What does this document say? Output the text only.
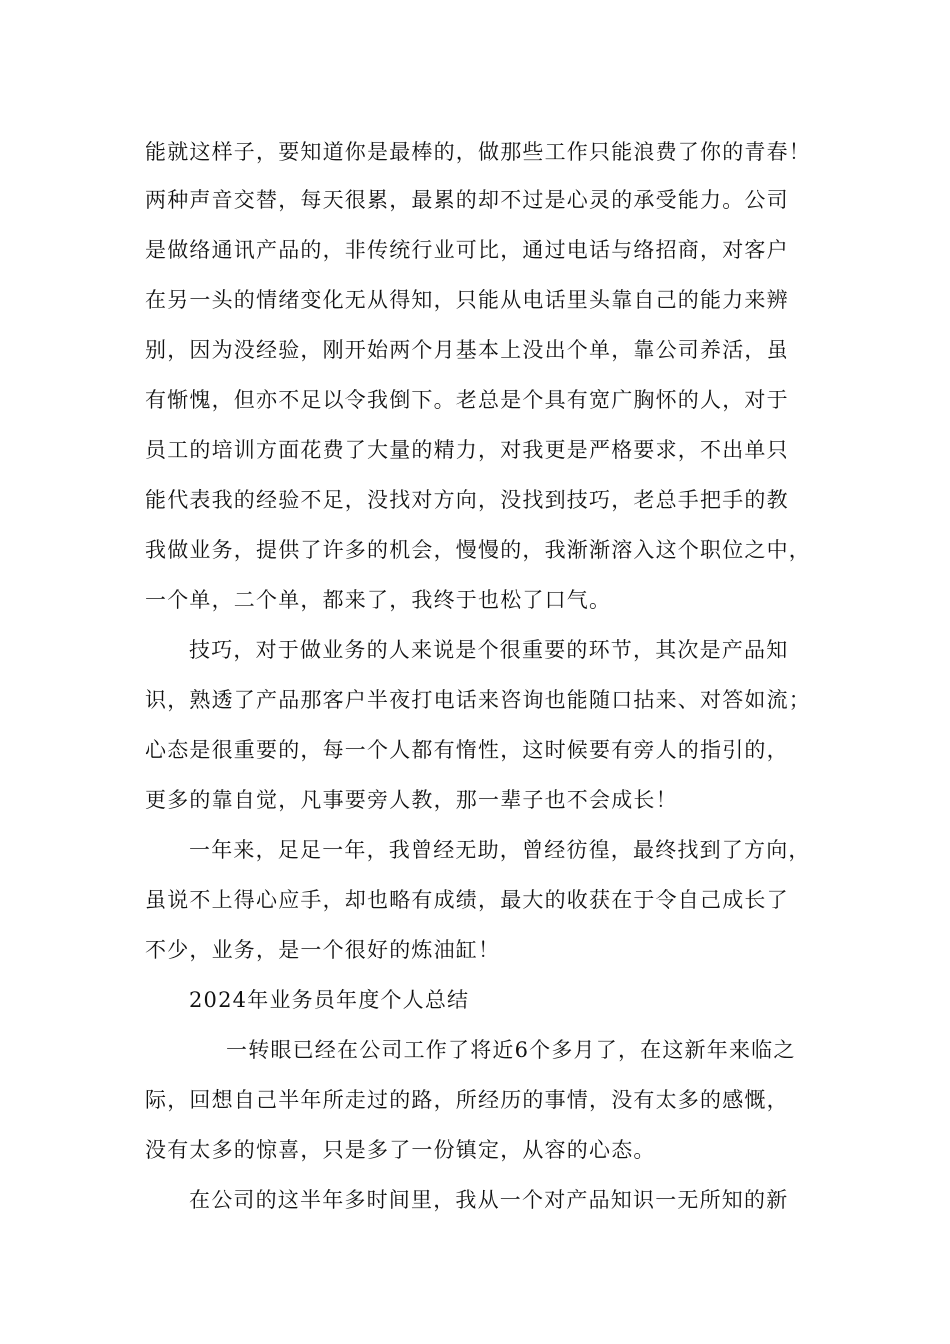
能就这样子，要知道你是最棒的，做那些工作只能浪费了你的青春！
两种声音交替，每天很累，最累的却不过是心灵的承受能力。公司
是做络通讯产品的，非传统行业可比，通过电话与络招商，对客户
在另一头的情绪变化无从得知，只能从电话里头靠自己的能力来辨
别，因为没经验，刚开始两个月基本上没出个单，靠公司养活，虽
有惭愧，但亦不足以令我倒下。老总是个具有宽广胸怀的人，对于
员工的培训方面花费了大量的精力，对我更是严格要求，不出单只
能代表我的经验不足，没找对方向，没找到技巧，老总手把手的教
我做业务，提供了许多的机会，慢慢的，我渐渐溶入这个职位之中，
一个单，二个单，都来了，我终于也松了口气。
技巧，对于做业务的人来说是个很重要的环节，其次是产品知
识，熟透了产品那客户半夜打电话来咨询也能随口拈来、对答如流；
心态是很重要的，每一个人都有惰性，这时候要有旁人的指引的，
更多的靠自觉，凡事要旁人教，那一辈子也不会成长！
一年来，足足一年，我曾经无助，曾经彷徨，最终找到了方向，
虽说不上得心应手，却也略有成绩，最大的收获在于令自己成长了
不少，业务，是一个很好的炼油缸！
2024年业务员年度个人总结
一转眼已经在公司工作了将近6个多月了，在这新年来临之
际，回想自己半年所走过的路，所经历的事情，没有太多的感慨，
没有太多的惊喜，只是多了一份镇定，从容的心态。
在公司的这半年多时间里，我从一个对产品知识一无所知的新
